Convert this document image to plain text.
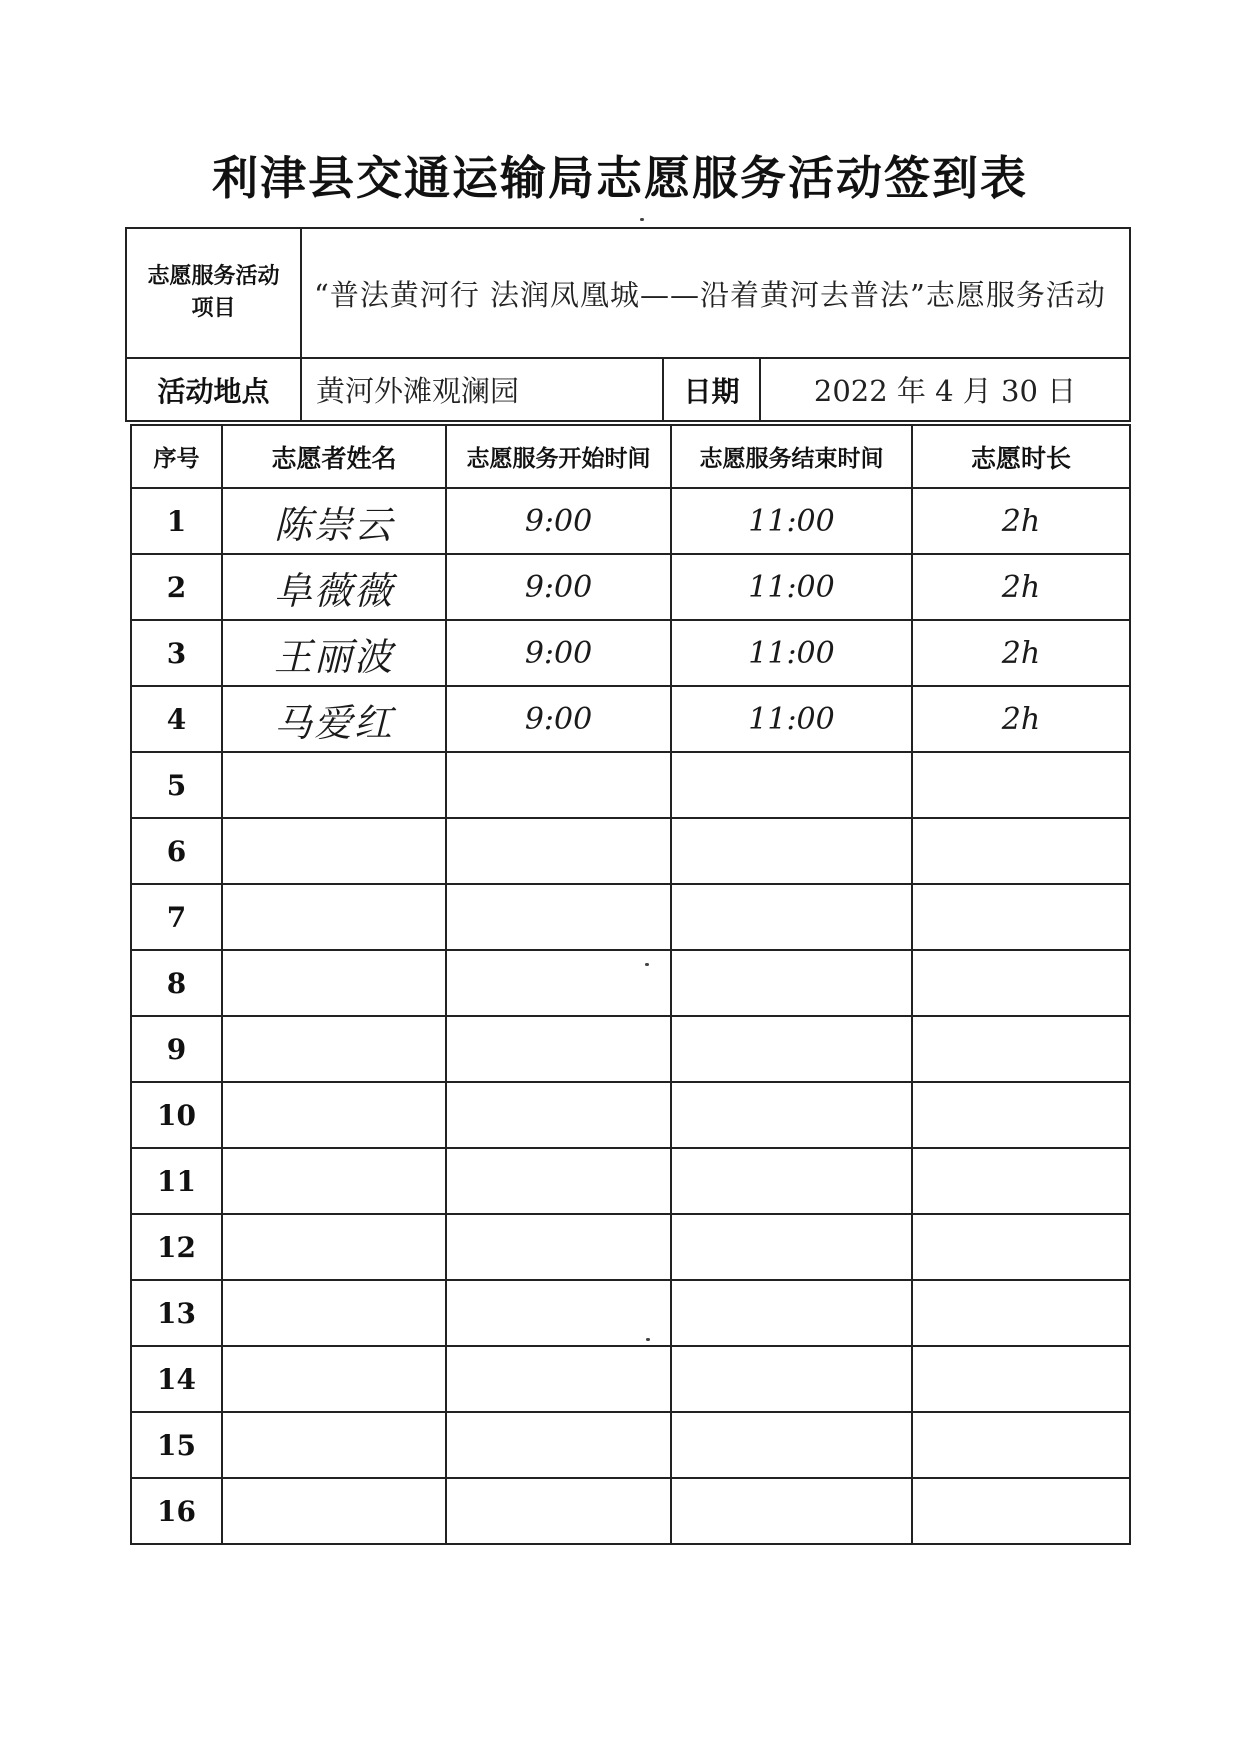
利津县交通运输局志愿服务活动签到表
志愿服务活动
项目	“普法黄河行 法润凤凰城——沿着黄河去普法”志愿服务活动		
活动地点	黄河外滩观澜园	日期	2022 年 4 月 30 日
序号	志愿者姓名	志愿服务开始时间	志愿服务结束时间	志愿时长
1	陈崇云	9:00	11:00	2h
2	阜薇薇	9:00	11:00	2h
3	王丽波	9:00	11:00	2h
4	马爱红	9:00	11:00	2h
5				
6				
7				
8				
9				
10				
11				
12				
13				
14				
15				
16				
